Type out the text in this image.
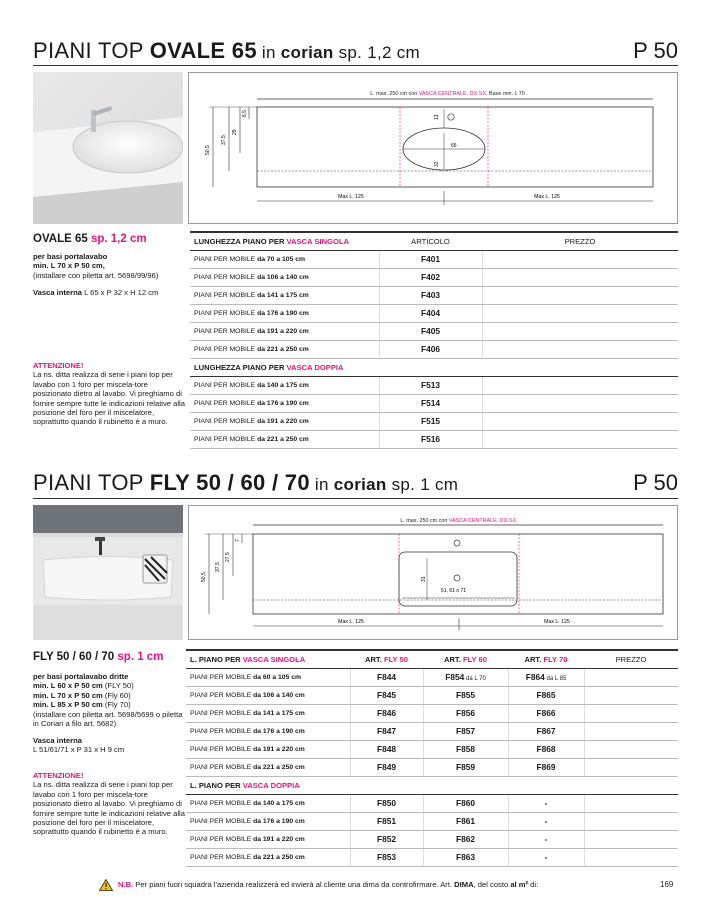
PIANI TOP OVALE 65 in corian sp. 1,2 cm	P 50
L. max. 250 cm con VASCA CENTRALE, DX-SX. Base min. L 70 .
13
65
32
50,5
37,5
29
6,5
Max L. 125	Max L. 125
OVALE 65 sp. 1,2 cm
per basi portalavabo
min. L 70 x P 50 cm,
(installare con piletta art. 5698/99/96)
Vasca interna L 65 x P 32 x H 12 cm
ATTENZIONE!
La ns. ditta realizza di serie i piani top per lavabo con 1 foro per miscela-tore posizionato dietro al lavabo. Vi preghiamo di fornire sempre tutte le indicazioni relative alla posizione del foro per il miscelatore, soprattutto quando il rubinetto è a muro.
LUNGHEZZA PIANO PER VASCA SINGOLA	ARTICOLO	PREZZO
PIANI PER MOBILE da 70 a 105 cm	F401	
PIANI PER MOBILE da 106 a 140 cm	F402	
PIANI PER MOBILE da 141 a 175 cm	F403	
PIANI PER MOBILE da 176 a 190 cm	F404	
PIANI PER MOBILE da 191 a 220 cm	F405	
PIANI PER MOBILE da 221 a 250 cm	F406	
LUNGHEZZA PIANO PER VASCA DOPPIA		
PIANI PER MOBILE da 140 a 175 cm	F513	
PIANI PER MOBILE da 176 a 190 cm	F514	
PIANI PER MOBILE da 191 a 220 cm	F515	
PIANI PER MOBILE da 221 a 250 cm	F516	
PIANI TOP FLY 50 / 60 / 70 in corian sp. 1 cm	P 50
L. max. 250 cm con VASCA CENTRALE, DX-SX.
31
51, 61 o 71
50,5
37,5
27,5
7
Max L. 125	Max L. 125
FLY 50 / 60 / 70 sp. 1 cm
per basi portalavabo dritte
min. L 60 x P 50 cm (FLY 50)
min. L 70 x P 50 cm (Fly 60)
min. L 85 x P 50 cm (Fly 70)
(installare con piletta art. 5698/5699 o piletta in Corian a filo art. 5682)
Vasca interna
L 51/61/71 x P 31 x H 9 cm
ATTENZIONE!
La ns. ditta realizza di serie i piani top per lavabo con 1 foro per miscela-tore posizionato dietro al lavabo. Vi preghiamo di fornire sempre tutte le indicazioni relative alla posizione del foro per il miscelatore, soprattutto quando il rubinetto è a muro.
L. PIANO PER VASCA SINGOLA	ART. FLY 50	ART. FLY 60	ART. FLY 70	PREZZO
PIANI PER MOBILE da 60 a 105 cm	F844	F854 da L 70	F864 da L 85	
PIANI PER MOBILE da 106 a 140 cm	F845	F855	F865	
PIANI PER MOBILE da 141 a 175 cm	F846	F856	F866	
PIANI PER MOBILE da 176 a 190 cm	F847	F857	F867	
PIANI PER MOBILE da 191 a 220 cm	F848	F858	F868	
PIANI PER MOBILE da 221 a 250 cm	F849	F859	F869	
L. PIANO PER VASCA DOPPIA				
PIANI PER MOBILE da 140 a 175 cm	F850	F860	-	
PIANI PER MOBILE da 176 a 190 cm	F851	F861	-	
PIANI PER MOBILE da 191 a 220 cm	F852	F862	-	
PIANI PER MOBILE da 221 a 250 cm	F853	F863	-	
N.B. Per piani fuori squadra l'azienda realizzerà ed invierà al cliente una dima da controfirmare. Art. DIMA, del costo al m² di:	169
